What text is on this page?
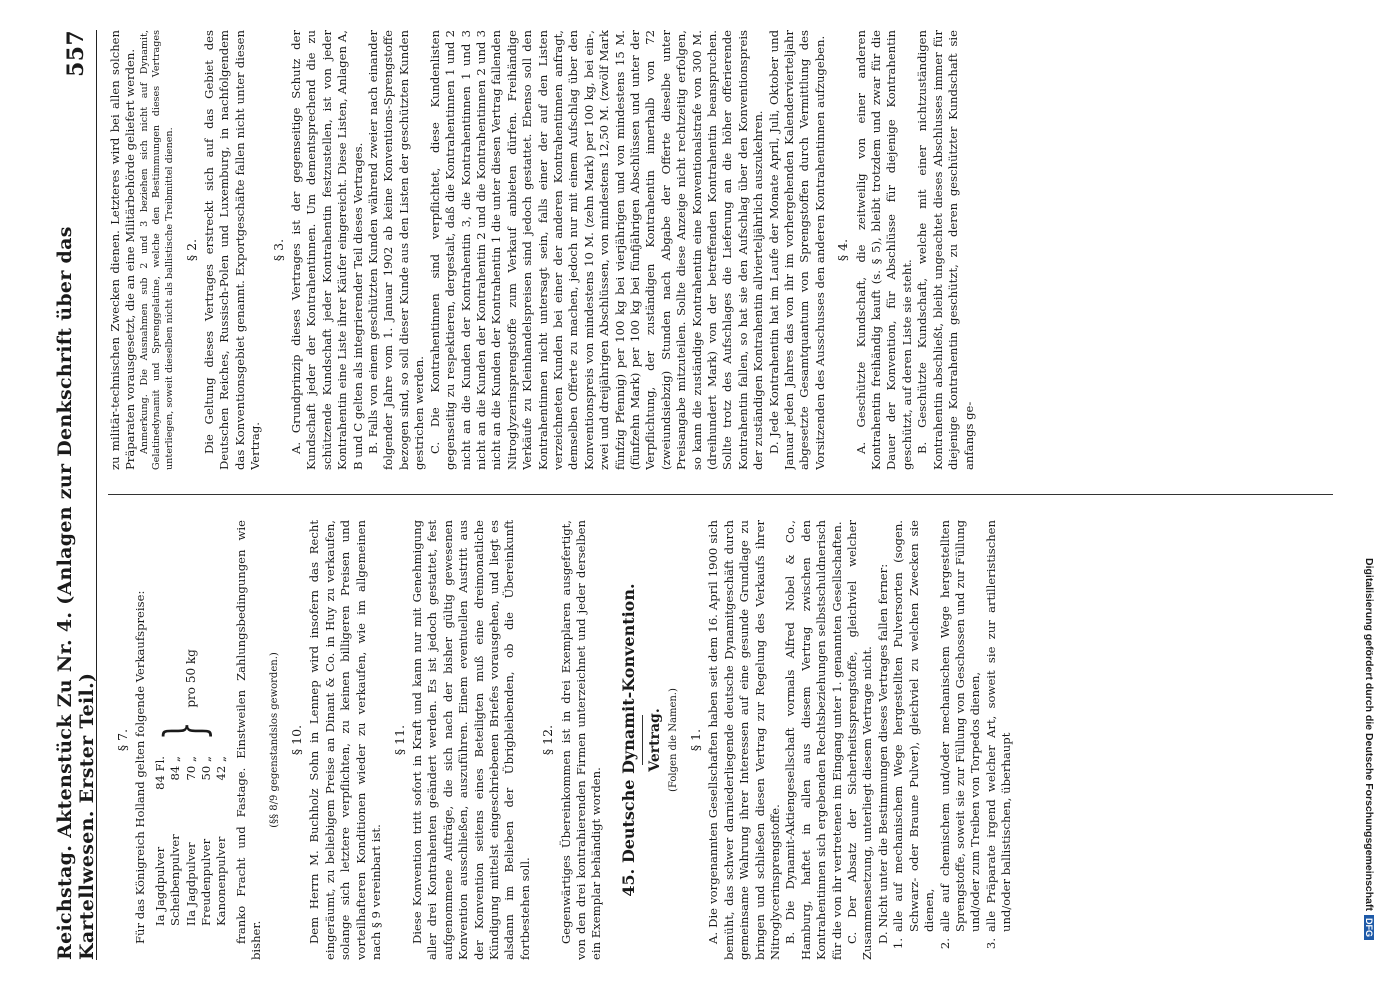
Reichstag. Aktenstück Zu Nr. 4. (Anlagen zur Denkschrift über das Kartellwesen. Erster Teil.)
557
§ 7. Für das Königreich Holland gelten folgende Verkaufspreise: Ia Jagdpulver
84 Fl.
Scheibenpulver
84 „
IIa Jagdpulver
70 „
Freudenpulver
50 „
Kanonenpulver
42 „
}
pro 50 kg	franko Fracht und Fastage. Einstweilen Zahlungsbedingungen wie bisher.

(§§ 8/9 gegenstandslos geworden.) § 10. Dem Herrn M. Buchholz Sohn in Lennep wird insofern das Recht eingeräumt, zu beliebigem Preise an Dinant & Co. in Huy zu verkaufen, solange sich letztere verpflichten, zu keinen billigeren Preisen und vorteilhafteren Konditionen wieder zu verkaufen, wie im allgemeinen nach § 9 vereinbart ist.

§ 11. Diese Konvention tritt sofort in Kraft und kann nur mit Genehmigung aller drei Kontrahenten geändert werden. Es ist jedoch gestattet, fest aufgenommene Aufträge, die sich nach der bisher gültig gewesenen Konvention ausschließen, auszuführen. Einem eventuellen Austritt aus der Konvention seitens eines Beteiligten muß eine dreimonatliche Kündigung mittelst eingeschriebenen Briefes vorausgehen, und liegt es alsdann im Belieben der Übrigbleibenden, ob die Übereinkunft fortbestehen soll.

§ 12. Gegenwärtiges Übereinkommen ist in drei Exemplaren ausgefertigt, von den drei kontrahierenden Firmen unterzeichnet und jeder derselben ein Exemplar behändigt worden. 45. Deutsche Dynamit-Konvention. Vertrag. (Folgen die Namen.) § 1. A. Die vorgenannten Gesellschaften haben seit dem 16. April 1900 sich bemüht, das schwer darniederliegende deutsche Dynamitgeschäft durch gemeinsame Wahrung ihrer Interessen auf eine gesunde Grundlage zu bringen und schließen diesen Vertrag zur Regelung des Verkaufs ihrer Nitroglycerinsprengstoffe. B. Die Dynamit-Aktiengesellschaft vormals Alfred Nobel & Co., Hamburg, haftet in allen aus diesem Vertrag zwischen den Kontrahentinnen sich ergebenden Rechtsbeziehungen selbstschuldnerisch für die von ihr vertretenen im Eingang unter 1. genannten Gesellschaften. C. Der Absatz der Sicherheitssprengstoffe, gleichviel welcher Zusammensetzung, unterliegt diesem Vertrage nicht. D. Nicht unter die Bestimmungen dieses Vertrages fallen ferner: 1.
alle auf mechanischem Wege hergestellten Pulversorten (sogen. Schwarz- oder Braune Pulver), gleichviel zu welchen Zwecken sie dienen,
2.
alle auf chemischem und/oder mechanischem Wege hergestellten Sprengstoffe, soweit sie zur Füllung von Geschossen und zur Füllung und/oder zum Treiben von Torpedos dienen,
3.
alle Präparate irgend welcher Art, soweit sie zur artilleristischen und/oder ballistischen, überhaupt

zu militär-technischen Zwecken dienen. Letzteres wird bei allen solchen Präparaten vorausgesetzt, die an eine Militärbehörde geliefert werden. Anmerkung. Die Ausnahmen sub 2 und 3 beziehen sich nicht auf Dynamit, Gelatinedynamit und Sprenggelatine, welche den Bestimmungen dieses Vertrages unterliegen, soweit dieselben nicht als ballistische Treibmittel dienen. § 2. Die Geltung dieses Vertrages erstreckt sich auf das Gebiet des Deutschen Reiches, Russisch-Polen und Luxemburg, in nachfolgendem das Konventionsgebiet genannt. Exportgeschäfte fallen nicht unter diesen Vertrag.

§ 3. A. Grundprinzip dieses Vertrages ist der gegenseitige Schutz der Kundschaft jeder der Kontrahentinnen. Um dementsprechend die zu schützende Kundschaft jeder Kontrahentin festzustellen, ist von jeder Kontrahentin eine Liste ihrer Käufer eingereicht. Diese Listen, Anlagen A, B und C gelten als integrierender Teil dieses Vertrages. B. Falls von einem geschützten Kunden während zweier nach einander folgender Jahre vom 1. Januar 1902 ab keine Konventions-Sprengstoffe bezogen sind, so soll dieser Kunde aus den Listen der geschützten Kunden gestrichen werden. C. Die Kontrahentinnen sind verpflichtet, diese Kundenlisten gegenseitig zu respektieren, dergestalt, daß die Kontrahentinnen 1 und 2 nicht an die Kunden der Kontrahentin 3, die Kontrahentinnen 1 und 3 nicht an die Kunden der Kontrahentin 2 und die Kontrahentinnen 2 und 3 nicht an die Kunden der Kontrahentin 1 die unter diesen Vertrag fallenden Nitroglyzerinsprengstoffe zum Verkauf anbieten dürfen. Freihändige Verkäufe zu Kleinhandelspreisen sind jedoch gestattet. Ebenso soll den Kontrahentinnen nicht untersagt sein, falls einer der auf den Listen verzeichneten Kunden bei einer der anderen Kontrahentinnen anfragt, demselben Offerte zu machen, jedoch nur mit einem Aufschlag über den Konventionspreis von mindestens 10 M. (zehn Mark) per 100 kg, bei ein-, zwei und dreijährigen Abschlüssen, von mindestens 12,50 M. (zwölf Mark fünfzig Pfennig) per 100 kg bei vierjährigen und von mindestens 15 M. (fünfzehn Mark) per 100 kg bei fünfjährigen Abschlüssen und unter der Verpflichtung, der zuständigen Kontrahentin innerhalb von 72 (zweiundsiebzig) Stunden nach Abgabe der Offerte dieselbe unter Preisangabe mitzuteilen. Sollte diese Anzeige nicht rechtzeitig erfolgen, so kann die zuständige Kontrahentin eine Konventionalstrafe von 300 M. (dreihundert Mark) von der betreffenden Kontrahentin beanspruchen. Sollte trotz des Aufschlages die Lieferung an die höher offerierende Kontrahentin fallen, so hat sie den Aufschlag über den Konventionspreis der zuständigen Kontrahentin allvierteljährlich auszukehren. D. Jede Kontrahentin hat im Laufe der Monate April, Juli, Oktober und Januar jeden Jahres das von ihr im vorhergehenden Kalendervierteljahr abgesetzte Gesamtquantum von Sprengstoffen durch Vermittlung des Vorsitzenden des Ausschusses den anderen Kontrahentinnen aufzugeben. § 4. A. Geschützte Kundschaft, die zeitweilig von einer anderen Kontrahentin freihändig kauft (s. § 5), bleibt trotzdem und zwar für die Dauer der Konvention, für Abschlüsse für diejenige Kontrahentin geschützt, auf deren Liste sie steht. B. Geschützte Kundschaft, welche mit einer nichtzuständigen Kontrahentin abschließt, bleibt ungeachtet dieses Abschlusses immer für diejenige Kontrahentin geschützt, zu deren geschützter Kundschaft sie anfangs ge-

Digitalisierung gefördert durch die Deutsche ForschungsgemeinschaftDFG
